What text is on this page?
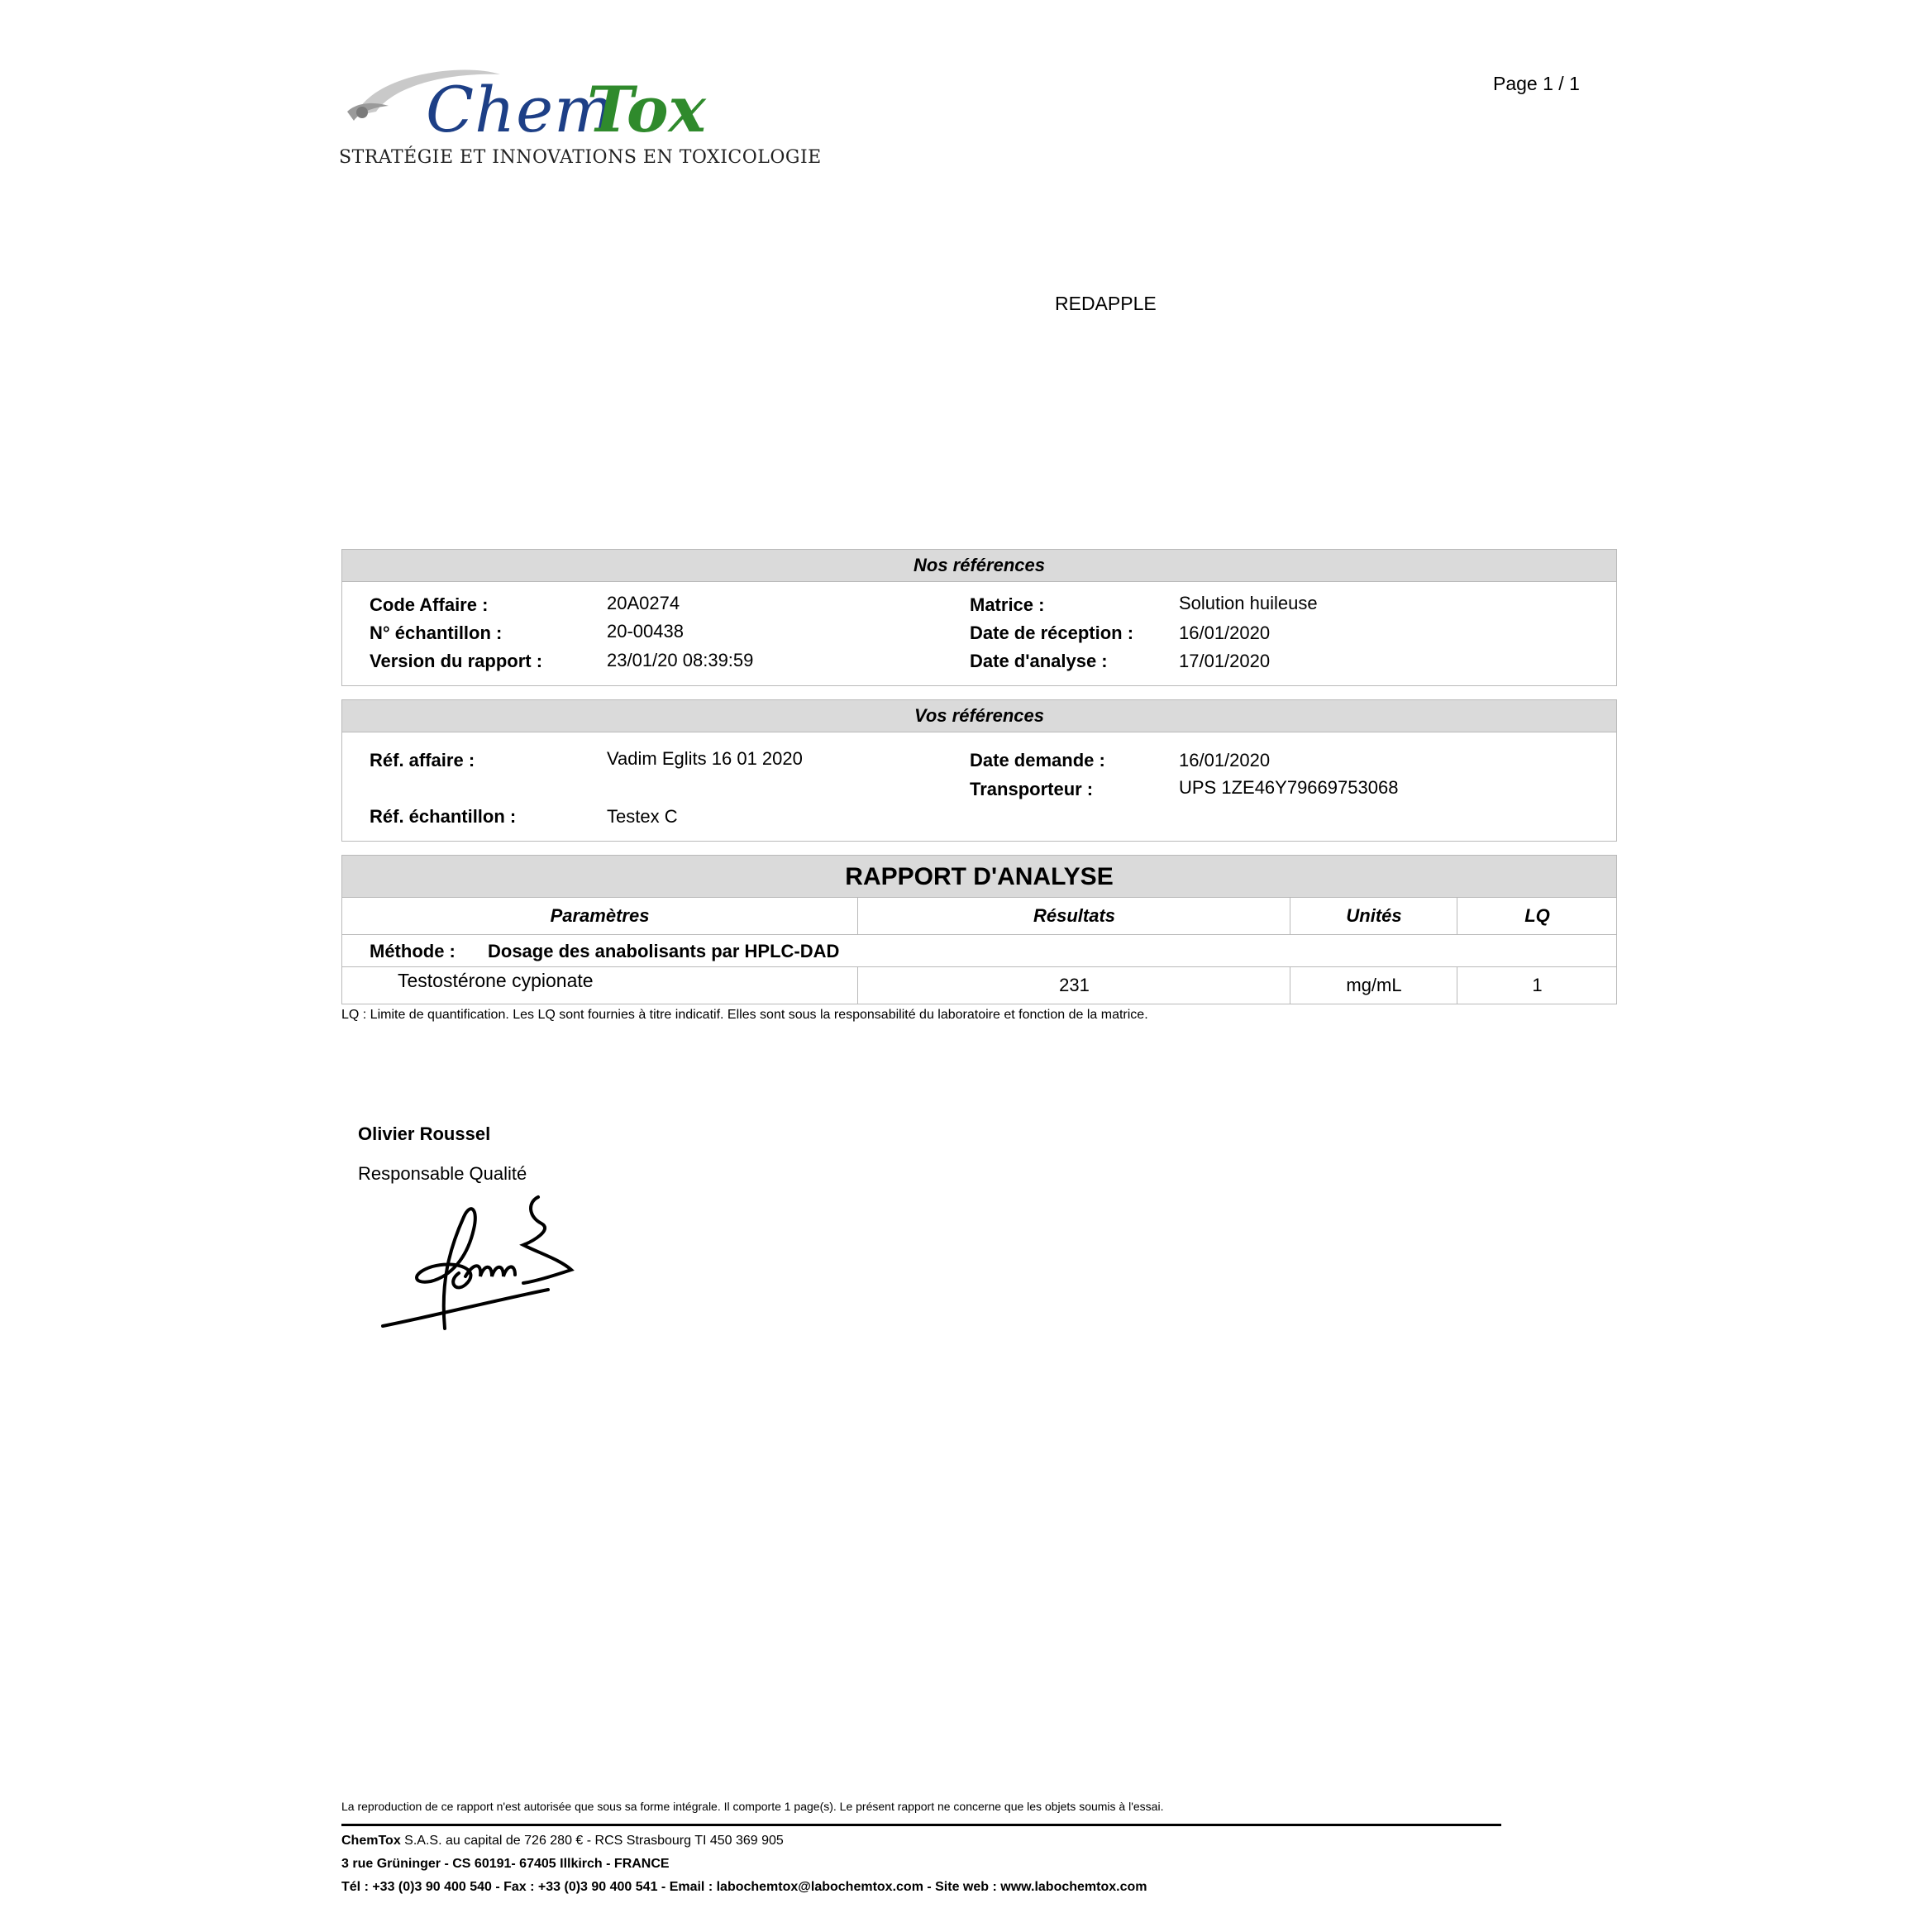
Chem
Tox
STRATÉGIE ET INNOVATIONS EN TOXICOLOGIE
Page 1 / 1
REDAPPLE
Nos références
Code Affaire :	20A0274
N° échantillon :	20-00438
Version du rapport :	23/01/20 08:39:59
Matrice :	Solution huileuse
Date de réception : 16/01/2020
Date d'analyse :	17/01/2020
Vos références
Réf. affaire :	Vadim Eglits 16 01 2020
Réf. échantillon :	Testex C
Date demande :	16/01/2020
Transporteur :	UPS 1ZE46Y79669753068
RAPPORT D'ANALYSE
Paramètres	Résultats	Unités	LQ
Méthode : Dosage des anabolisants par HPLC-DAD
Testostérone cypionate	231	mg/mL	1
LQ : Limite de quantification. Les LQ sont fournies à titre indicatif. Elles sont sous la responsabilité du laboratoire et fonction de la matrice.
Olivier Roussel
Responsable Qualité
La reproduction de ce rapport n'est autorisée que sous sa forme intégrale. Il comporte 1 page(s). Le présent rapport ne concerne que les objets soumis à l'essai.
ChemTox S.A.S. au capital de 726 280 € - RCS Strasbourg TI 450 369 905
3 rue Grüninger - CS 60191- 67405 Illkirch - FRANCE
Tél : +33 (0)3 90 400 540 - Fax : +33 (0)3 90 400 541 - Email : labochemtox@labochemtox.com - Site web : www.labochemtox.com
